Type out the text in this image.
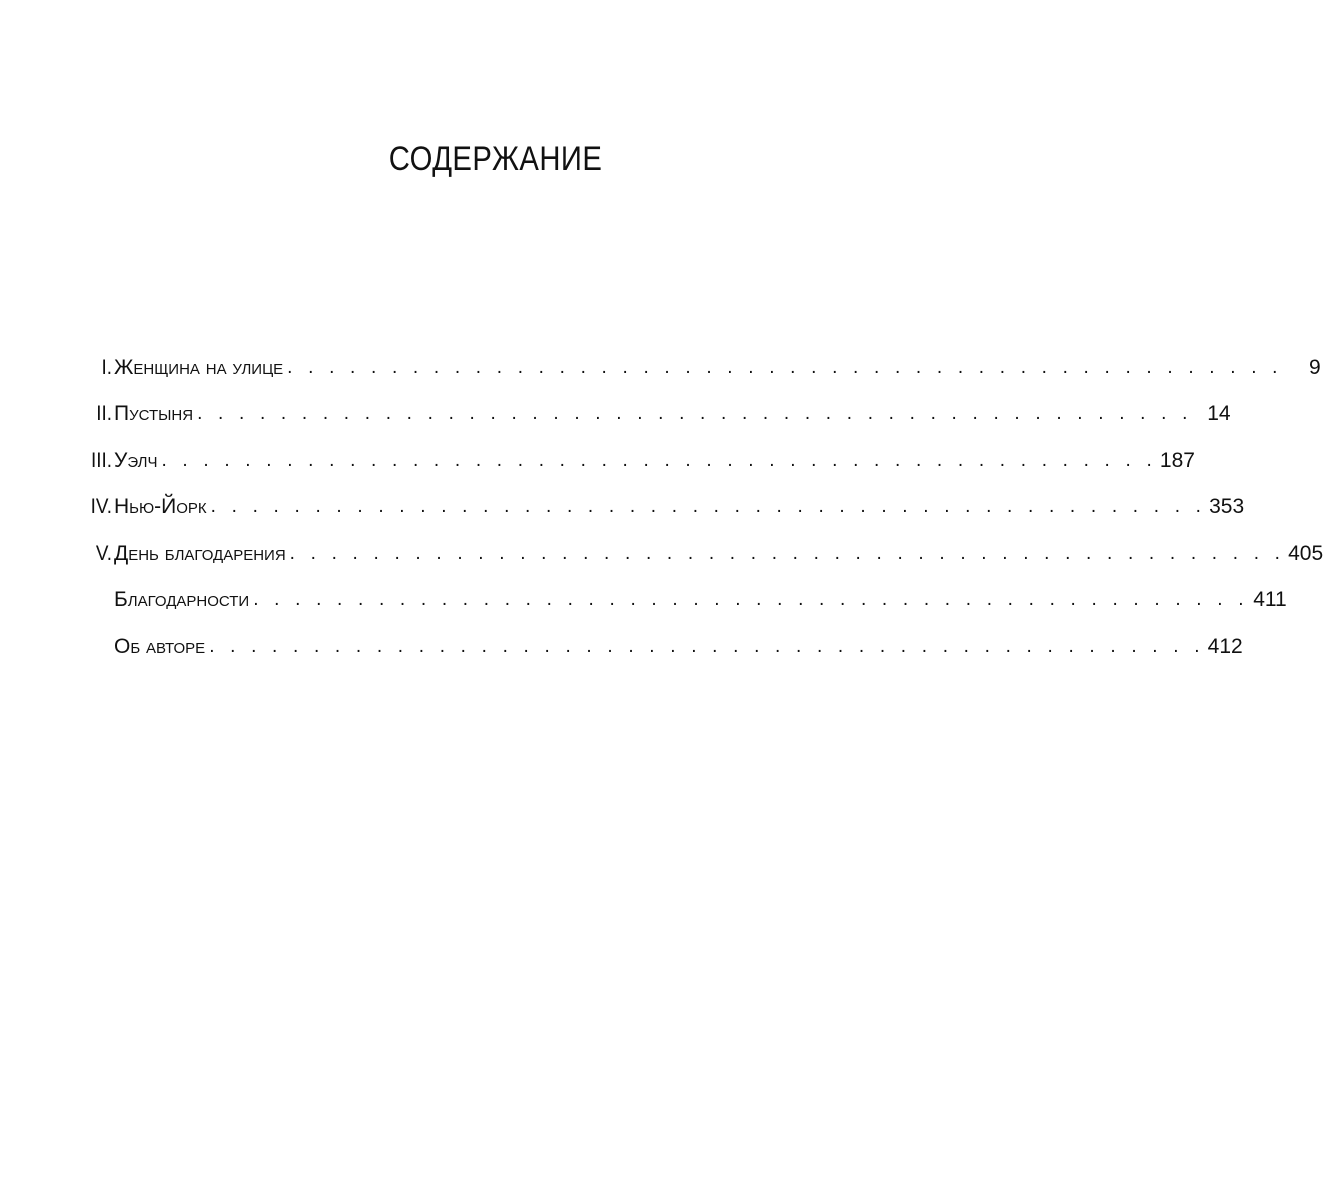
СОДЕРЖАНИЕ
I. Женщина на улице . . . . . . . . . . . . . . . . . . . . . . . . . . . . . . . . . . . . . . . . . . . . . . . .	9
II. Пустыня . . . . . . . . . . . . . . . . . . . . . . . . . . . . . . . . . . . . . . . . . . . . . . . . 14
III. Уэлч . . . . . . . . . . . . . . . . . . . . . . . . . . . . . . . . . . . . . . . . . . . . . . . . 187
IV. Нью-Йорк . . . . . . . . . . . . . . . . . . . . . . . . . . . . . . . . . . . . . . . . . . . . . . . . 353
V. День благодарения . . . . . . . . . . . . . . . . . . . . . . . . . . . . . . . . . . . . . . . . . . . . . . . . 405
Благодарности . . . . . . . . . . . . . . . . . . . . . . . . . . . . . . . . . . . . . . . . . . . . . . . . 411
Об авторе . . . . . . . . . . . . . . . . . . . . . . . . . . . . . . . . . . . . . . . . . . . . . . . . 412
